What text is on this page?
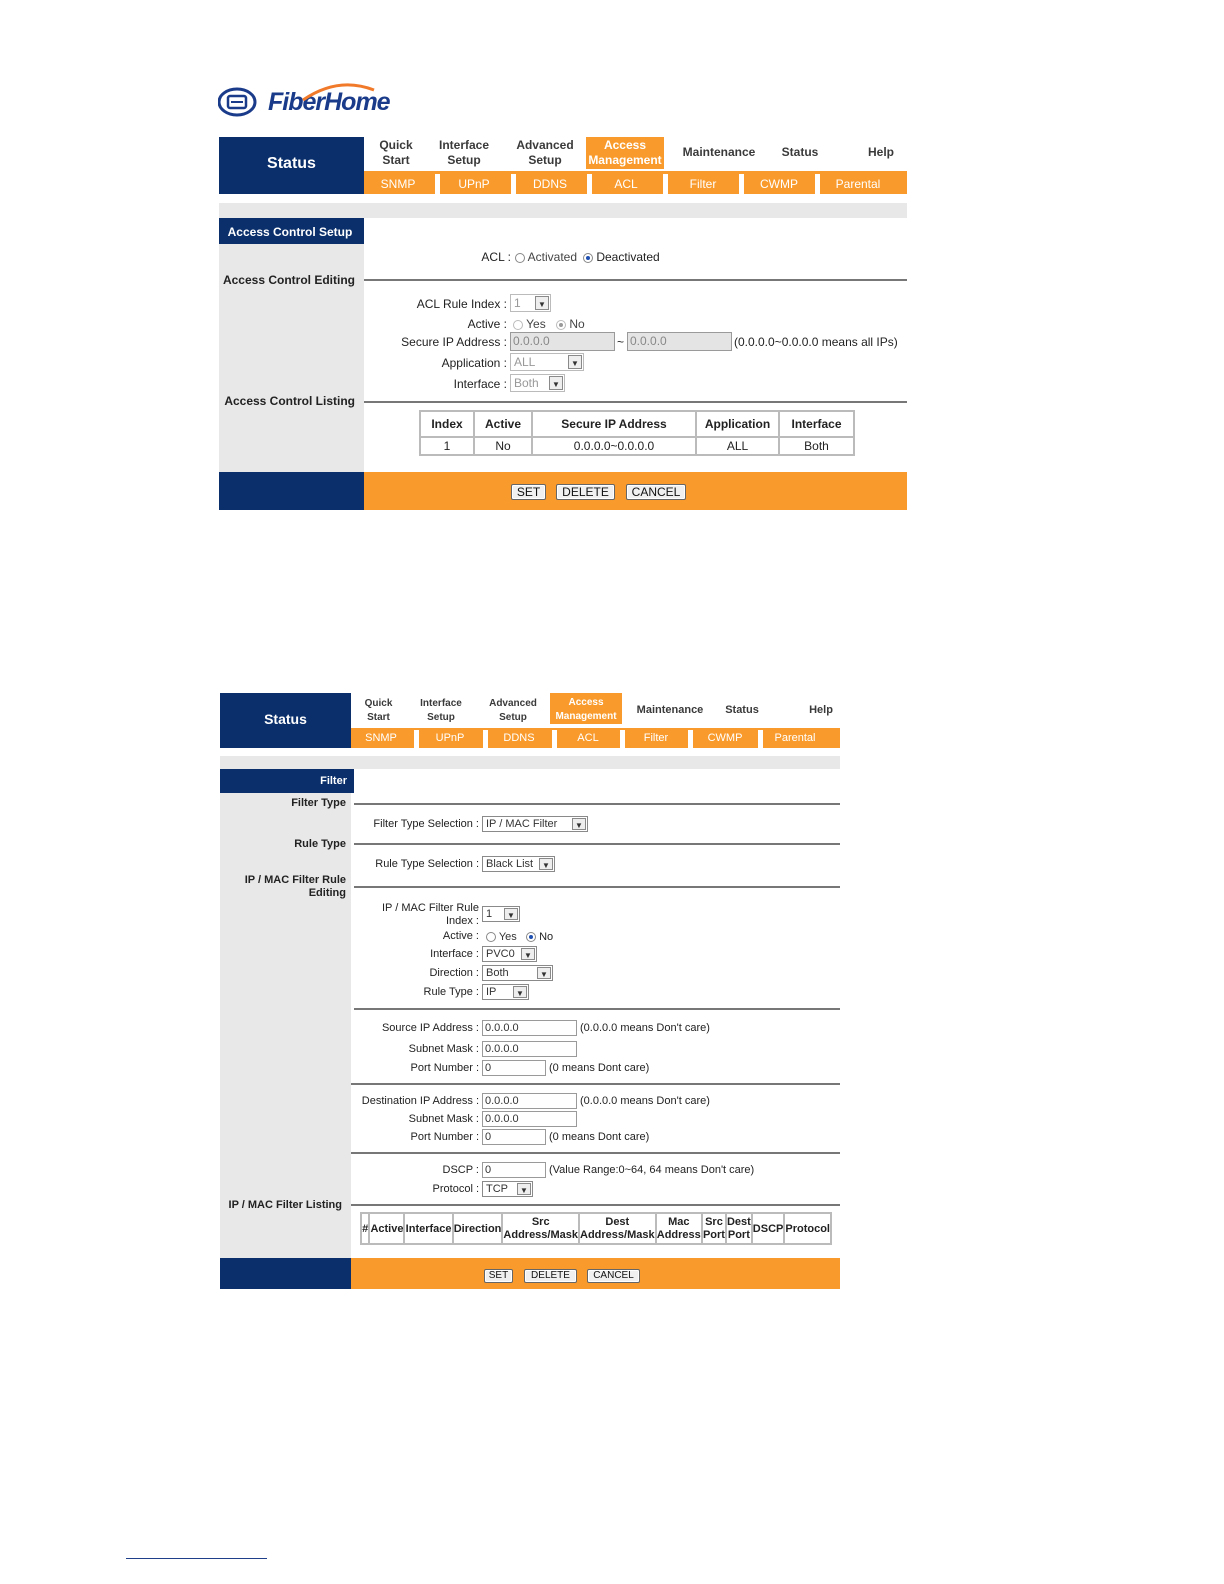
FiberHome
Status
Quick Start
Interface Setup
Advanced Setup
Access Management
Maintenance	Status	Help
SNMP	UPnP	DDNS	ACL	Filter	CWMP	Parental
Access Control Setup
Access Control Editing
Access Control Listing
ACL :	Activated	Deactivated
ACL Rule Index : 1	▼
Active :	Yes	No
Secure IP Address : 0.0.0.0	~ 0.0.0.0	(0.0.0.0~0.0.0.0 means all IPs)
Application : ALL	▼
Interface : Both	▼
Index	Active	Secure IP Address	Application	Interface
1	No	0.0.0.0~0.0.0.0	ALL	Both
SET	DELETE	CANCEL
Status
Quick Start
Interface Setup
Advanced Setup
Access Management
Maintenance	Status	Help
SNMP	UPnP	DDNS	ACL	Filter	CWMP	Parental
Filter
Filter Type
Rule Type
IP / MAC Filter Rule Editing
IP / MAC Filter Listing
Filter Type Selection : IP / MAC Filter	▼
Rule Type Selection : Black List	▼
IP / MAC Filter Rule Index :
1	▼
Active :	Yes	No
Interface : PVC0	▼
Direction : Both	▼
Rule Type : IP	▼
Source IP Address : 0.0.0.0	(0.0.0.0 means Don't care)
Subnet Mask : 0.0.0.0
Port Number : 0	(0 means Dont care)
Destination IP Address : 0.0.0.0	(0.0.0.0 means Don't care)
Subnet Mask : 0.0.0.0
Port Number : 0	(0 means Dont care)
DSCP : 0	(Value Range:0~64, 64 means Don't care)
Protocol : TCP	▼
#	Active	Interface	Direction	Src Address/Mask	Dest Address/Mask	Mac Address	Src Port	Dest Port	DSCP	Protocol
SET	DELETE	CANCEL
